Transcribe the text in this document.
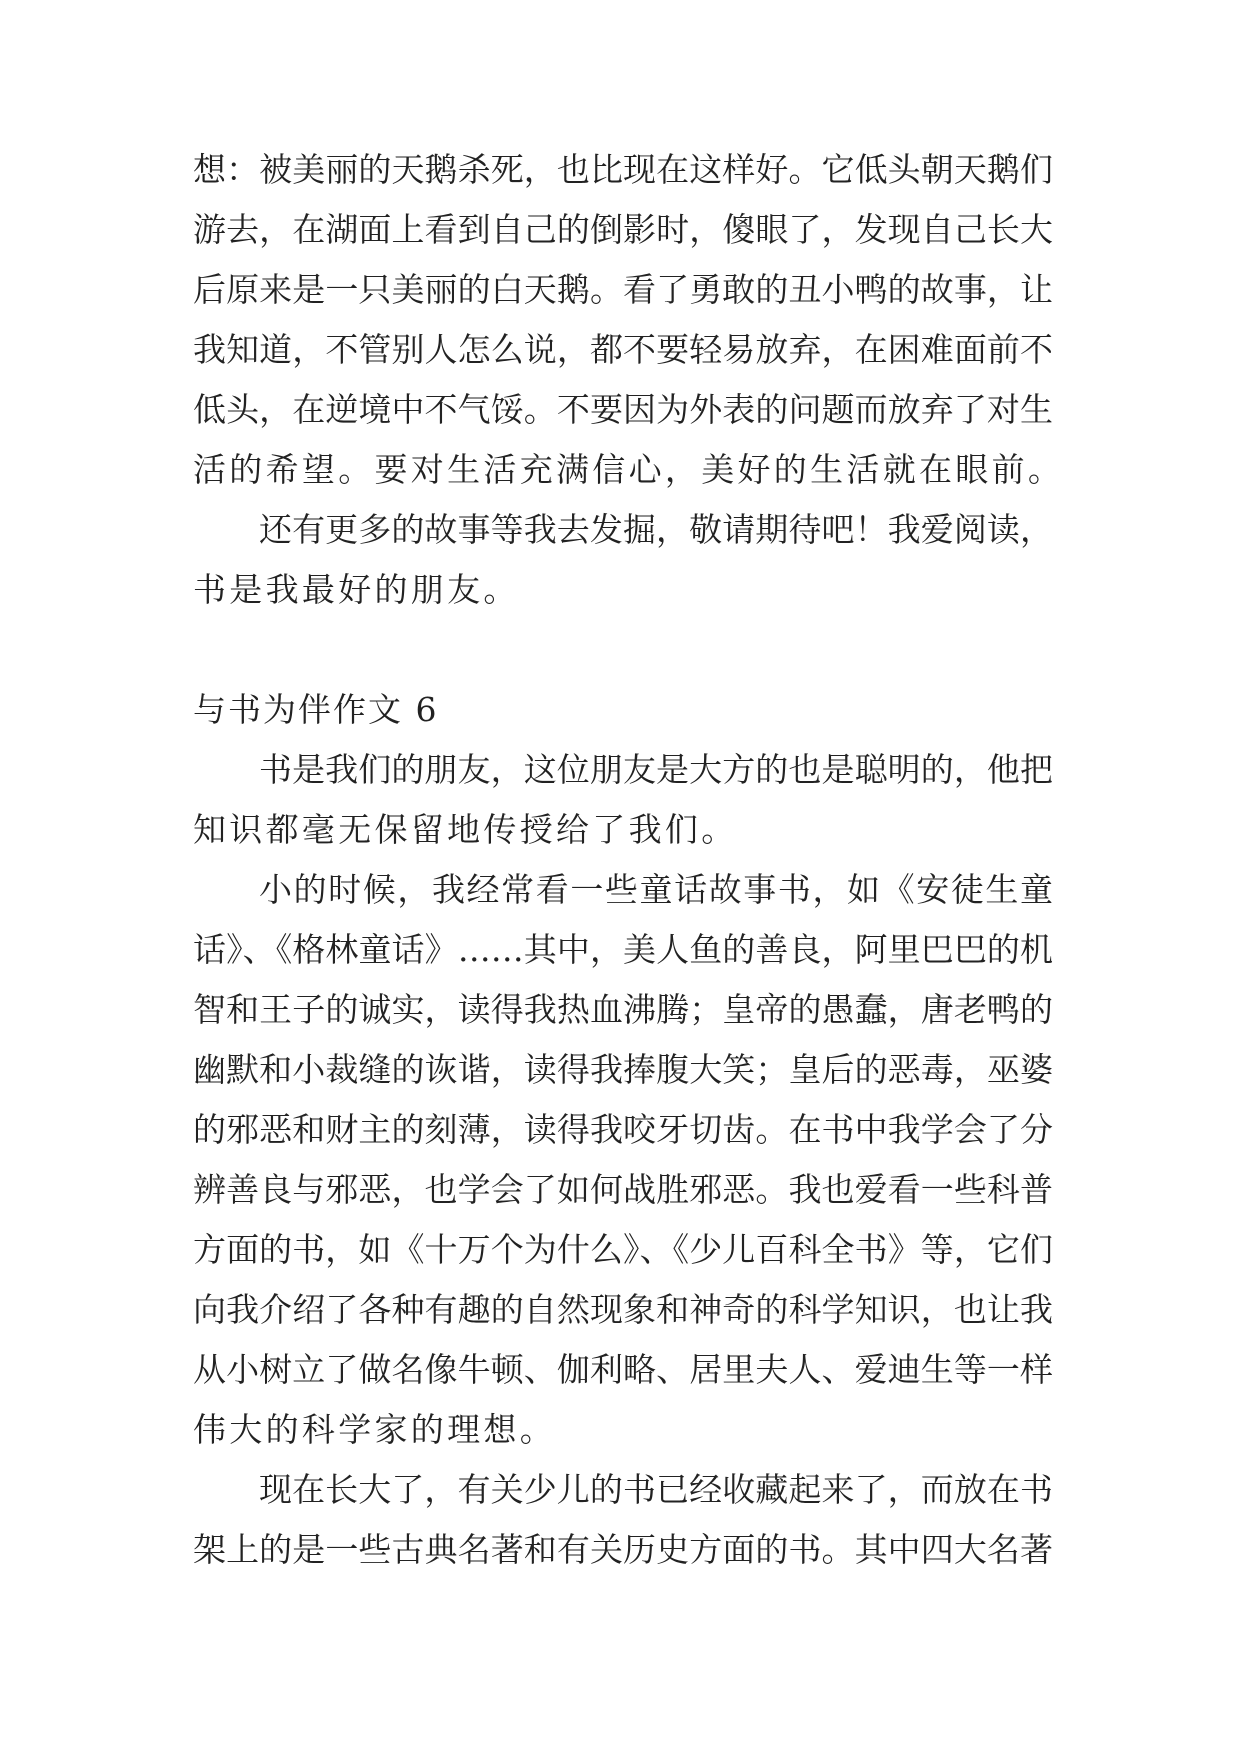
想：被美丽的天鹅杀死，也比现在这样好。它低头朝天鹅们
游去，在湖面上看到自己的倒影时，傻眼了，发现自己长大
后原来是一只美丽的白天鹅。看了勇敢的丑小鸭的故事，让
我知道，不管别人怎么说，都不要轻易放弃，在困难面前不
低头，在逆境中不气馁。不要因为外表的问题而放弃了对生
活的希望。要对生活充满信心，美好的生活就在眼前。
还有更多的故事等我去发掘，敬请期待吧！我爱阅读，
书是我最好的朋友。
与书为伴作文 6
书是我们的朋友，这位朋友是大方的也是聪明的，他把
知识都毫无保留地传授给了我们。
小的时候，我经常看一些童话故事书，如《安徒生童
话》、《格林童话》……其中，美人鱼的善良，阿里巴巴的机
智和王子的诚实，读得我热血沸腾；皇帝的愚蠢，唐老鸭的
幽默和小裁缝的诙谐，读得我捧腹大笑；皇后的恶毒，巫婆
的邪恶和财主的刻薄，读得我咬牙切齿。在书中我学会了分
辨善良与邪恶，也学会了如何战胜邪恶。我也爱看一些科普
方面的书，如《十万个为什么》、《少儿百科全书》等，它们
向我介绍了各种有趣的自然现象和神奇的科学知识，也让我
从小树立了做名像牛顿、伽利略、居里夫人、爱迪生等一样
伟大的科学家的理想。
现在长大了，有关少儿的书已经收藏起来了，而放在书
架上的是一些古典名著和有关历史方面的书。其中四大名著
